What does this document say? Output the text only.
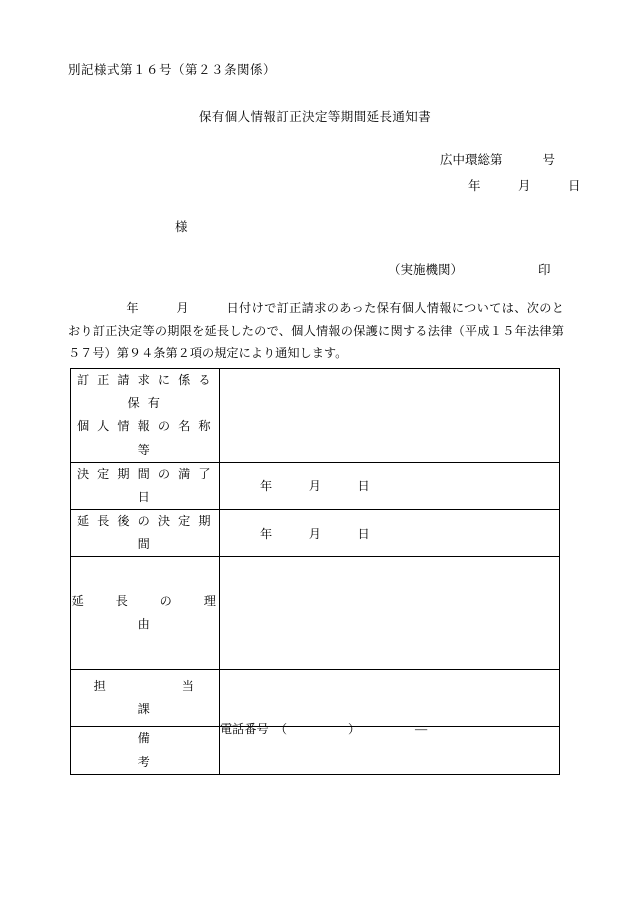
別記様式第１６号（第２３条関係）
保有個人情報訂正決定等期間延長通知書
広中環総第	号
年　　　月　　　日
様
（実施機関）	印
年　　　月　　　日付けで訂正請求のあった保有個人情報については、次のとおり訂正決定等の期限を延長したので、個人情報の保護に関する法律（平成１５年法律第５７号）第９４条第２項の規定により通知します。
訂 正 請 求 に 係 る 保 有
個 人 情 報 の 名 称 等	

決 定 期 間 の 満 了 日	年　　　月　　　日

延 長 後 の 決 定 期 間	年　　　月　　　日

延　　長　　の　　理　　由	

担　　　　　当　　　　　課	電話番号　（　　　　　）　　　　　―

備　　　　　　　　　考	
